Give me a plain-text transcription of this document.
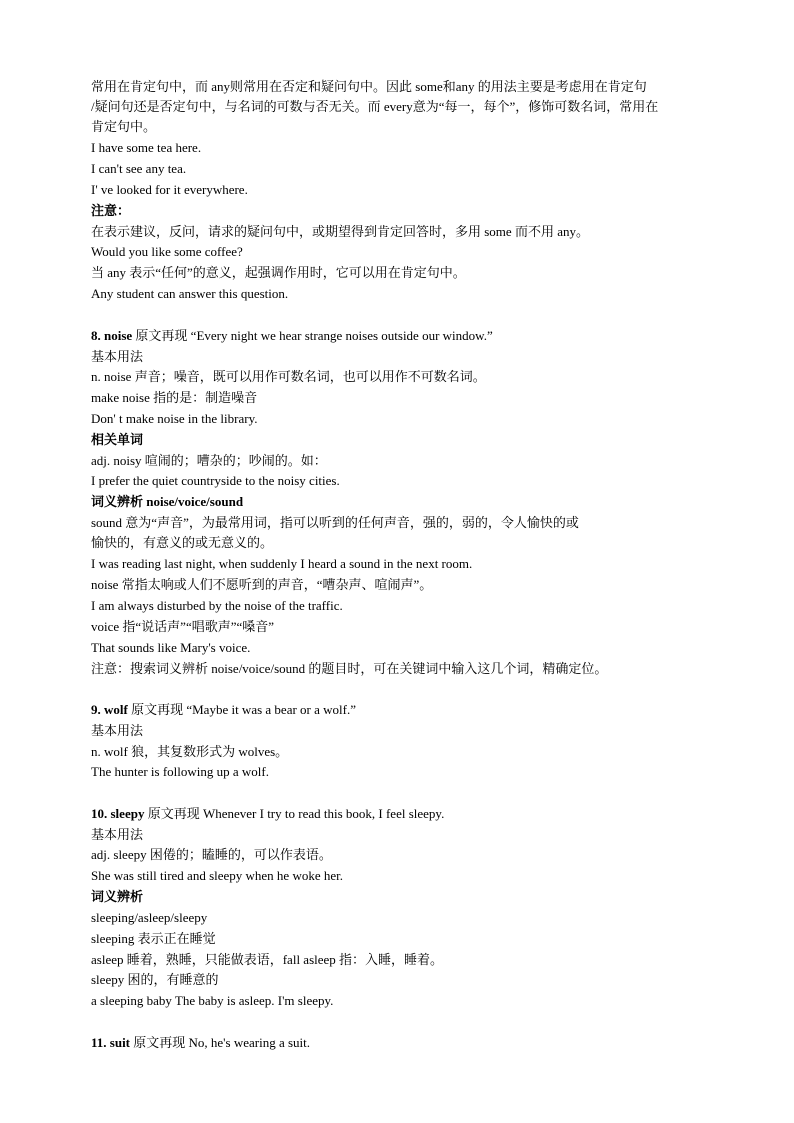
常用在肯定句中，而 any则常用在否定和疑问句中。因此 some和any 的用法主要是考虑用在肯定句
/疑问句还是否定句中，与名词的可数与否无关。而 every意为“每一，每个”，修饰可数名词，常用在
肯定句中。
I have some tea here.
I can't see any tea.
I' ve looked for it everywhere.
注意：
在表示建议，反问，请求的疑问句中，或期望得到肯定回答时，多用 some 而不用 any。
Would you like some coffee?
当 any 表示“任何”的意义，起强调作用时，它可以用在肯定句中。
Any student can answer this question.
8. noise 原文再现 “Every night we hear strange noises outside our window.”
基本用法
n. noise 声音；噪音，既可以用作可数名词，也可以用作不可数名词。
make noise 指的是：制造噪音
Don' t make noise in the library.
相关单词
adj. noisy 喧闹的；嘈杂的；吵闹的。如：
I prefer the quiet countryside to the noisy cities.
词义辨析 noise/voice/sound
sound 意为“声音”，为最常用词，指可以听到的任何声音，强的，弱的，令人愉快的或
愉快的，有意义的或无意义的。
I was reading last night, when suddenly I heard a sound in the next room.
noise 常指太响或人们不愿听到的声音，“嘈杂声、喧闹声”。
I am always disturbed by the noise of the traffic.
voice 指“说话声”“唱歌声”“嗓音”
That sounds like Mary's voice.
注意：搜索词义辨析 noise/voice/sound 的题目时，可在关键词中输入这几个词，精确定位。
9. wolf 原文再现 “Maybe it was a bear or a wolf.”
基本用法
n. wolf 狼，其复数形式为 wolves。
The hunter is following up a wolf.
10. sleepy 原文再现 Whenever I try to read this book, I feel sleepy.
基本用法
adj. sleepy 困倦的；瞌睡的，可以作表语。
She was still tired and sleepy when he woke her.
词义辨析
sleeping/asleep/sleepy
sleeping 表示正在睡觉
asleep 睡着，熟睡，只能做表语，fall asleep 指：入睡，睡着。
sleepy 困的，有睡意的
a sleeping baby The baby is asleep. I'm sleepy.
11. suit 原文再现 No, he's wearing a suit.
